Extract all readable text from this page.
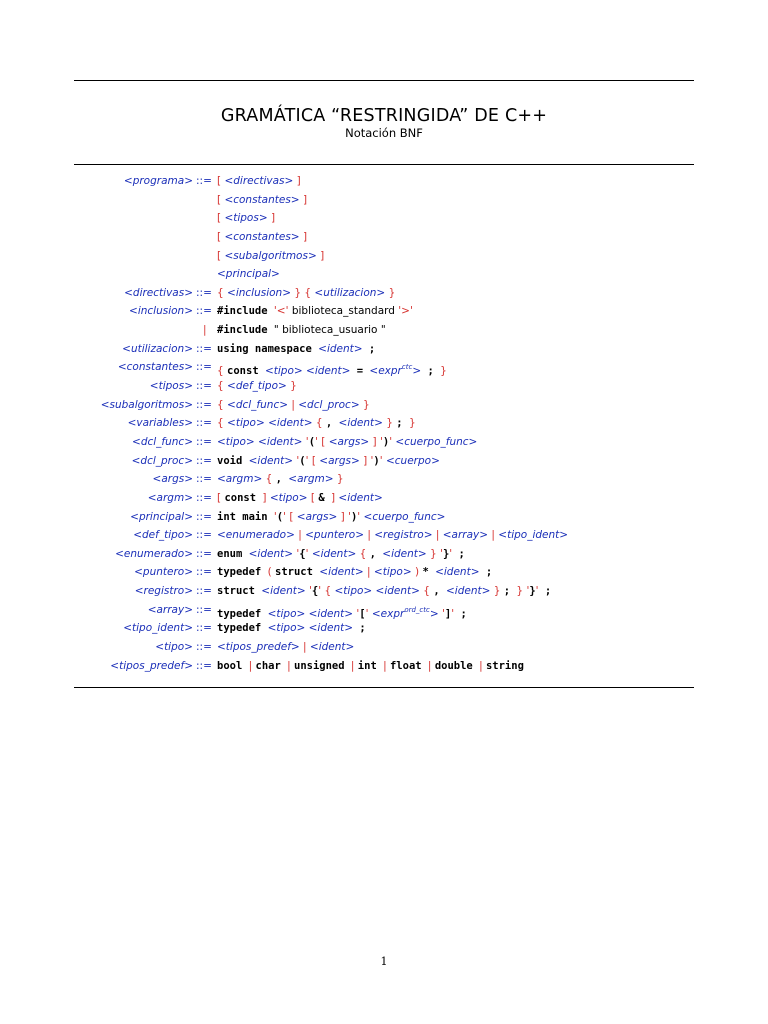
GRAMÁTICA “RESTRINGIDA” DE C++
Notación BNF
<programa> ::= [ <directivas> ]
[ <constantes> ]
[ <tipos> ]
[ <constantes> ]
[ <subalgoritmos> ]
<principal>
<directivas> ::= { <inclusion> } { <utilizacion> }
<inclusion> ::= #include '<' biblioteca_standard '>'
| #include " biblioteca_usuario "
<utilizacion> ::= using namespace <ident> ;
<constantes> ::= { const <tipo> <ident> = <expr$^{ctc}$> ; }
<tipos> ::= { <def_tipo> }
<subalgoritmos> ::= { <dcl_func> | <dcl_proc> }
<variables> ::= { <tipo> <ident> { , <ident> } ; }
<dcl_func> ::= <tipo> <ident> '(' [ <args> ] ')' <cuerpo_func>
<dcl_proc> ::= void <ident> '(' [ <args> ] ')' <cuerpo>
<args> ::= <argm> { , <argm> }
<argm> ::= [ const ] <tipo> [ & ] <ident>
<principal> ::= int main '(' [ <args> ] ')' <cuerpo_func>
<def_tipo> ::= <enumerado> | <puntero> | <registro> | <array> | <tipo_ident>
<enumerado> ::= enum <ident> '{' <ident> { , <ident> } '}' ;
<puntero> ::= typedef ( struct <ident> | <tipo> ) * <ident> ;
<registro> ::= struct <ident> '{' { <tipo> <ident> { , <ident> } ; } '}' ;
<array> ::= typedef <tipo> <ident> '[' <expr$^{ord\_ctc}$> ']' ;
<tipo_ident> ::= typedef <tipo> <ident> ;
<tipo> ::= <tipos_predef> | <ident>
<tipos_predef> ::= bool | char | unsigned | int | float | double | string
1
